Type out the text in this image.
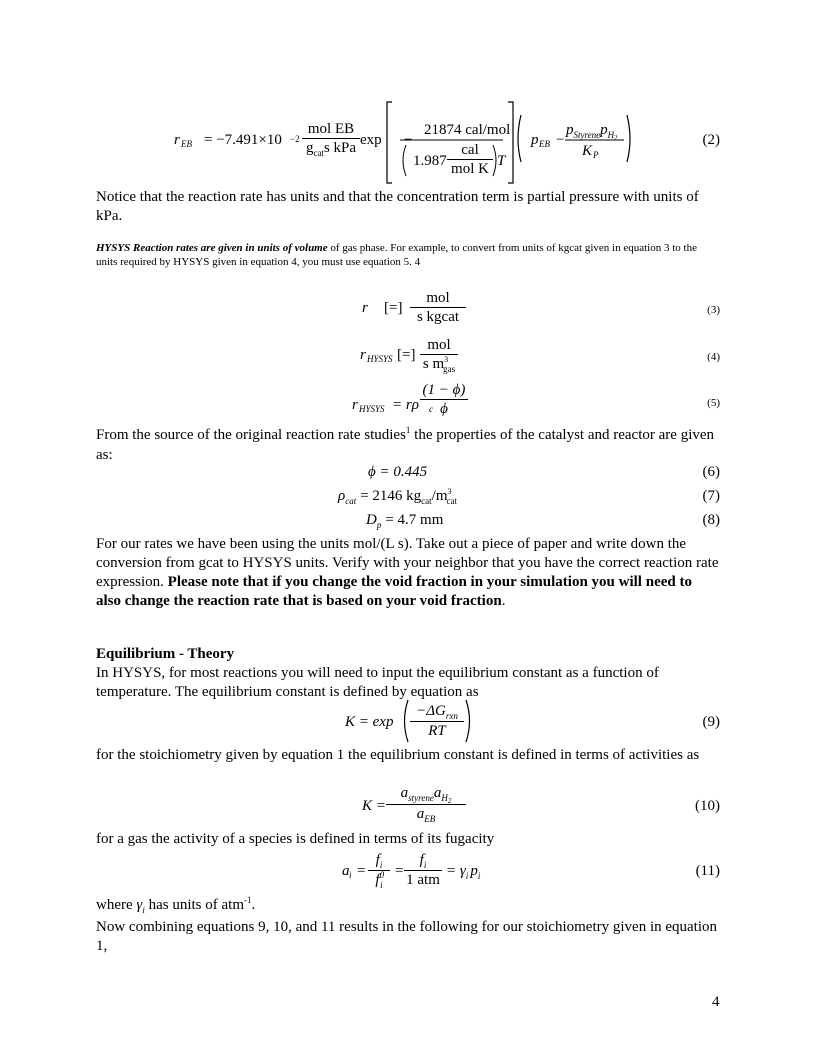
r EB = −7.491×10 −2
mol EB
$g_{cat}s$ kPa exp −
21874 cal/mol
1.987
cal
mol K T
p EB −
$p_{Styrene}p_{H2}$
K P
(2)
Notice that the reaction rate has units and that the concentration term is partial pressure with units of kPa.
HYSYS Reaction rates are given in units of volume of gas phase. For example, to convert from units of kgcat given in equation 3 to the units required by HYSYS given in equation 4, you must use equation 5. 4
r [=]
mol
s kgcat	(3)
r HYSYS [=]
mol
s $m^3_{gas}$
(4)
r HYSYS = rρ c
$\frac{(1 - \phi)}{\phi}$	(5)
From the source of the original reaction rate studies$^1$ the properties of the catalyst and reactor are given as:
ϕ = 0.445	(6)
$\rho_{cat} = 2146$ $kg_{cat}/m^3_{cat}$	(7)
$D_p = 4.7$ mm	(8)
For our rates we have been using the units mol/(L s). Take out a piece of paper and write down the conversion from gcat to HYSYS units. Verify with your neighbor that you have the correct reaction rate expression. Please note that if you change the void fraction in your simulation you will need to also change the reaction rate that is based on your void fraction.
Equilibrium - Theory
In HYSYS, for most reactions you will need to input the equilibrium constant as a function of temperature. The equilibrium constant is defined by equation as
K = exp
$-\Delta G_{rxn}$
RT
(9)
for the stoichiometry given by equation 1 the equilibrium constant is defined in terms of activities as
K =
$a_{styrene}a_{H2}$
$a_{EB}$
(10)
for a gas the activity of a species is defined in terms of its fugacity
a $i = \frac{f_i}{f^0_i}$ =
$f_i$
1 atm
= $\gamma_i$ $p_i$	(11)
where $\gamma_i$ has units of atm$^{-1}$.
Now combining equations 9, 10, and 11 results in the following for our stoichiometry given in equation 1,
4
